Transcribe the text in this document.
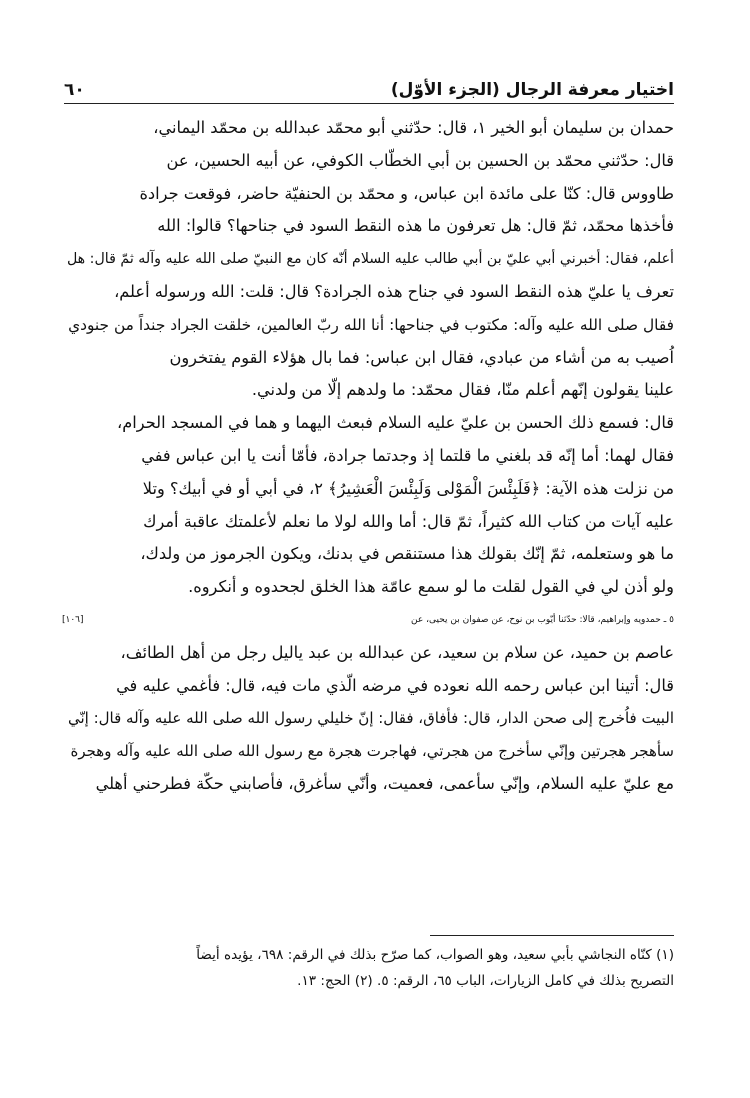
اختيار معرفة الرجال (الجزء الأوّل)
٦٠
حمدان بن سليمان أبو الخير ١، قال: حدّثني أبو محمّد عبدالله بن محمّد اليماني،
قال: حدّثني محمّد بن الحسين بن أبي الخطّاب الكوفي، عن أبيه الحسين، عن
طاووس قال: كنّا على مائدة ابن عباس، و محمّد بن الحنفيّة حاضر، فوقعت جرادة
فأخذها محمّد، ثمّ قال: هل تعرفون ما هذه النقط السود في جناحها؟ قالوا: الله
أعلم، فقال: أخبرني أبي عليّ بن أبي طالب عليه السلام أنّه كان مع النبيّ صلى الله عليه وآله ثمّ قال: هل
تعرف يا عليّ هذه النقط السود في جناح هذه الجرادة؟ قال: قلت: الله ورسوله أعلم،
فقال صلى الله عليه وآله: مكتوب في جناحها: أنا الله ربّ العالمين، خلقت الجراد جنداً من جنودي
اُصيب به من أشاء من عبادي، فقال ابن عباس: فما بال هؤلاء القوم يفتخرون
علينا يقولون إنّهم أعلم منّا، فقال محمّد: ما ولدهم إلّا من ولدني.
قال: فسمع ذلك الحسن بن عليّ عليه السلام فبعث اليهما و هما في المسجد الحرام،
فقال لهما: أما إنّه قد بلغني ما قلتما إذ وجدتما جرادة، فأمّا أنت يا ابن عباس ففي
من نزلت هذه الآية: ﴿فَلَبِئْسَ الْمَوْلى وَلَبِئْسَ الْعَشِيرُ﴾ ٢، في أبي أو في أبيك؟ وتلا
عليه آيات من كتاب الله كثيراً، ثمّ قال: أما والله لولا ما نعلم لأعلمتك عاقبة أمرك
ما هو وستعلمه، ثمّ إنّك بقولك هذا مستنقص في بدنك، ويكون الجرموز من ولدك،
ولو أذن لي في القول لقلت ما لو سمع عامّة هذا الخلق لجحدوه و أنكروه.
٥ ـ حمدويه وإبراهيم، قالا: حدّثنا أيّوب بن نوح، عن صفوان بن يحيى، عن
[١٠٦]
عاصم بن حميد، عن سلام بن سعيد، عن عبدالله بن عبد ياليل رجل من أهل الطائف،
قال: أتينا ابن عباس رحمه الله نعوده في مرضه الّذي مات فيه، قال: فأغمي عليه في
البيت فاُخرج إلى صحن الدار، قال: فأفاق، فقال: إنّ خليلي رسول الله صلى الله عليه وآله قال: إنّي
سأهجر هجرتين وإنّي سأخرج من هجرتي، فهاجرت هجرة مع رسول الله صلى الله عليه وآله وهجرة
مع عليّ عليه السلام، وإنّي سأعمى، فعميت، وأنّي سأغرق، فأصابني حكّة فطرحني أهلي
(١) كنّاه النجاشي بأبي سعيد، وهو الصواب، كما صرّح بذلك في الرقم: ٦٩٨، يؤيده أيضاً
التصريح بذلك في كامل الزيارات، الباب ٦٥، الرقم: ٥. (٢) الحج: ١٣.
